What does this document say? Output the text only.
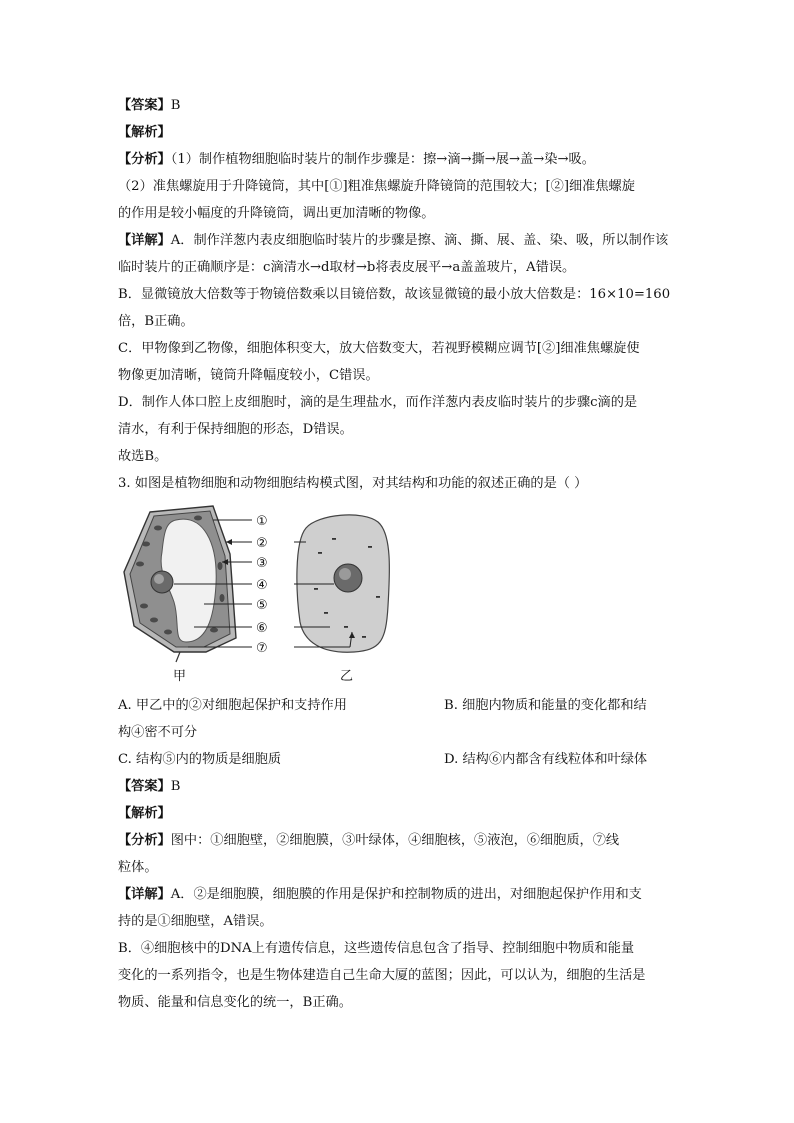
【答案】B
【解析】
【分析】（1）制作植物细胞临时装片的制作步骤是：擦→滴→撕→展→盖→染→吸。
（2）准焦螺旋用于升降镜筒，其中[①]粗准焦螺旋升降镜筒的范围较大；[②]细准焦螺旋
的作用是较小幅度的升降镜筒，调出更加清晰的物像。
【详解】A．制作洋葱内表皮细胞临时装片的步骤是擦、滴、撕、展、盖、染、吸，所以制作该
临时装片的正确顺序是：c滴清水→d取材→b将表皮展平→a盖盖玻片，A错误。
B．显微镜放大倍数等于物镜倍数乘以目镜倍数，故该显微镜的最小放大倍数是：16×10=160
倍，B正确。
C．甲物像到乙物像，细胞体积变大，放大倍数变大，若视野模糊应调节[②]细准焦螺旋使
物像更加清晰，镜筒升降幅度较小，C错误。
D．制作人体口腔上皮细胞时，滴的是生理盐水，而作洋葱内表皮临时装片的步骤c滴的是
清水，有利于保持细胞的形态，D错误。
故选B。
3. 如图是植物细胞和动物细胞结构模式图，对其结构和功能的叙述正确的是（ ）
①
②
③
④
⑤
⑥
⑦
甲	乙
A. 甲乙中的②对细胞起保护和支持作用	B. 细胞内物质和能量的变化都和结
构④密不可分
C. 结构⑤内的物质是细胞质	D. 结构⑥内都含有线粒体和叶绿体
【答案】B
【解析】
【分析】图中：①细胞壁，②细胞膜，③叶绿体，④细胞核，⑤液泡，⑥细胞质，⑦线
粒体。
【详解】A．②是细胞膜，细胞膜的作用是保护和控制物质的进出，对细胞起保护作用和支
持的是①细胞壁，A错误。
B．④细胞核中的DNA上有遗传信息，这些遗传信息包含了指导、控制细胞中物质和能量
变化的一系列指令，也是生物体建造自己生命大厦的蓝图；因此，可以认为，细胞的生活是
物质、能量和信息变化的统一，B正确。
